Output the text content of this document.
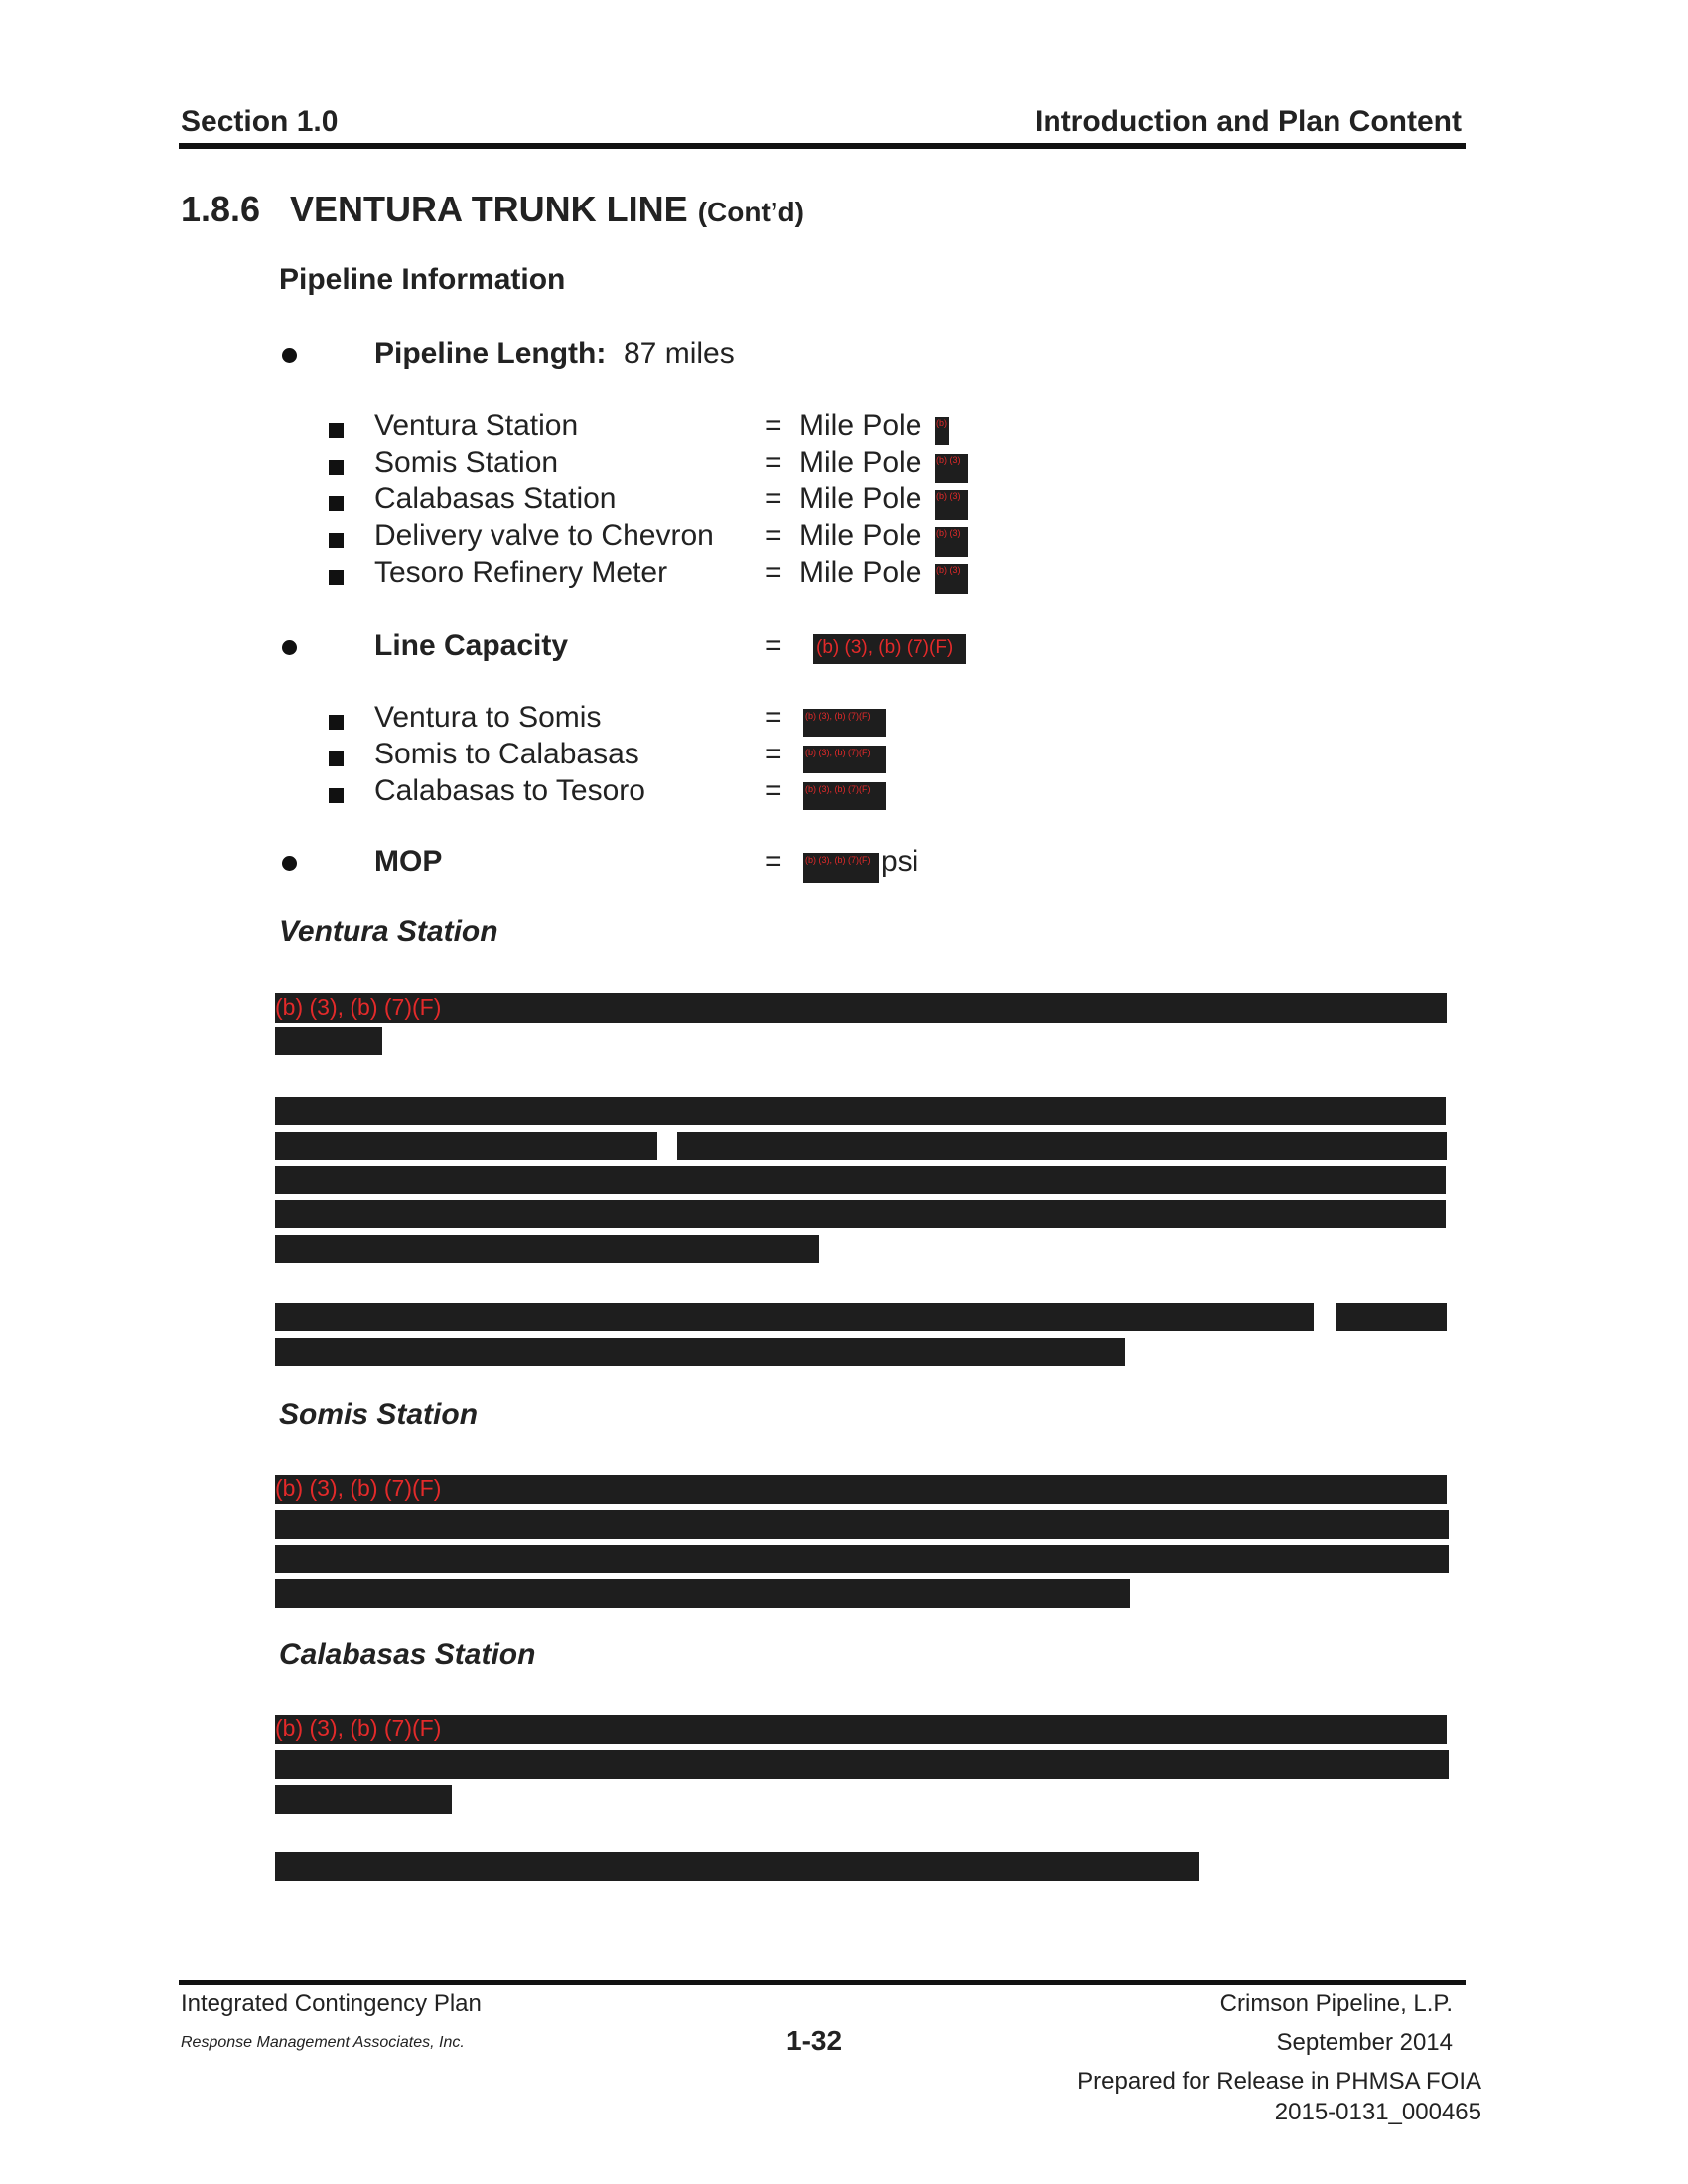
Section 1.0	Introduction and Plan Content
1.8.6 VENTURA TRUNK LINE (Cont’d)
Pipeline Information
Pipeline Length: 87 miles
Ventura Station	= Mile Pole (b)
Somis Station	= Mile Pole (b) (3)
Calabasas Station	= Mile Pole (b) (3)
Delivery valve to Chevron = Mile Pole (b) (3)
Tesoro Refinery Meter	= Mile Pole (b) (3)
Line Capacity	= (b) (3), (b) (7)(F)
Ventura to Somis	=	(b) (3), (b) (7)(F)
Somis to Calabasas	=	(b) (3), (b) (7)(F)
Calabasas to Tesoro	=	(b) (3), (b) (7)(F)
MOP	=	(b) (3), (b) (7)(F) psi
Ventura Station
(b) (3), (b) (7)(F)
Somis Station
(b) (3), (b) (7)(F)
Calabasas Station
(b) (3), (b) (7)(F)
Integrated Contingency Plan
Response Management Associates, Inc.	1-32
Crimson Pipeline, L.P.
September 2014
Prepared for Release in PHMSA FOIA
2015-0131_000465
